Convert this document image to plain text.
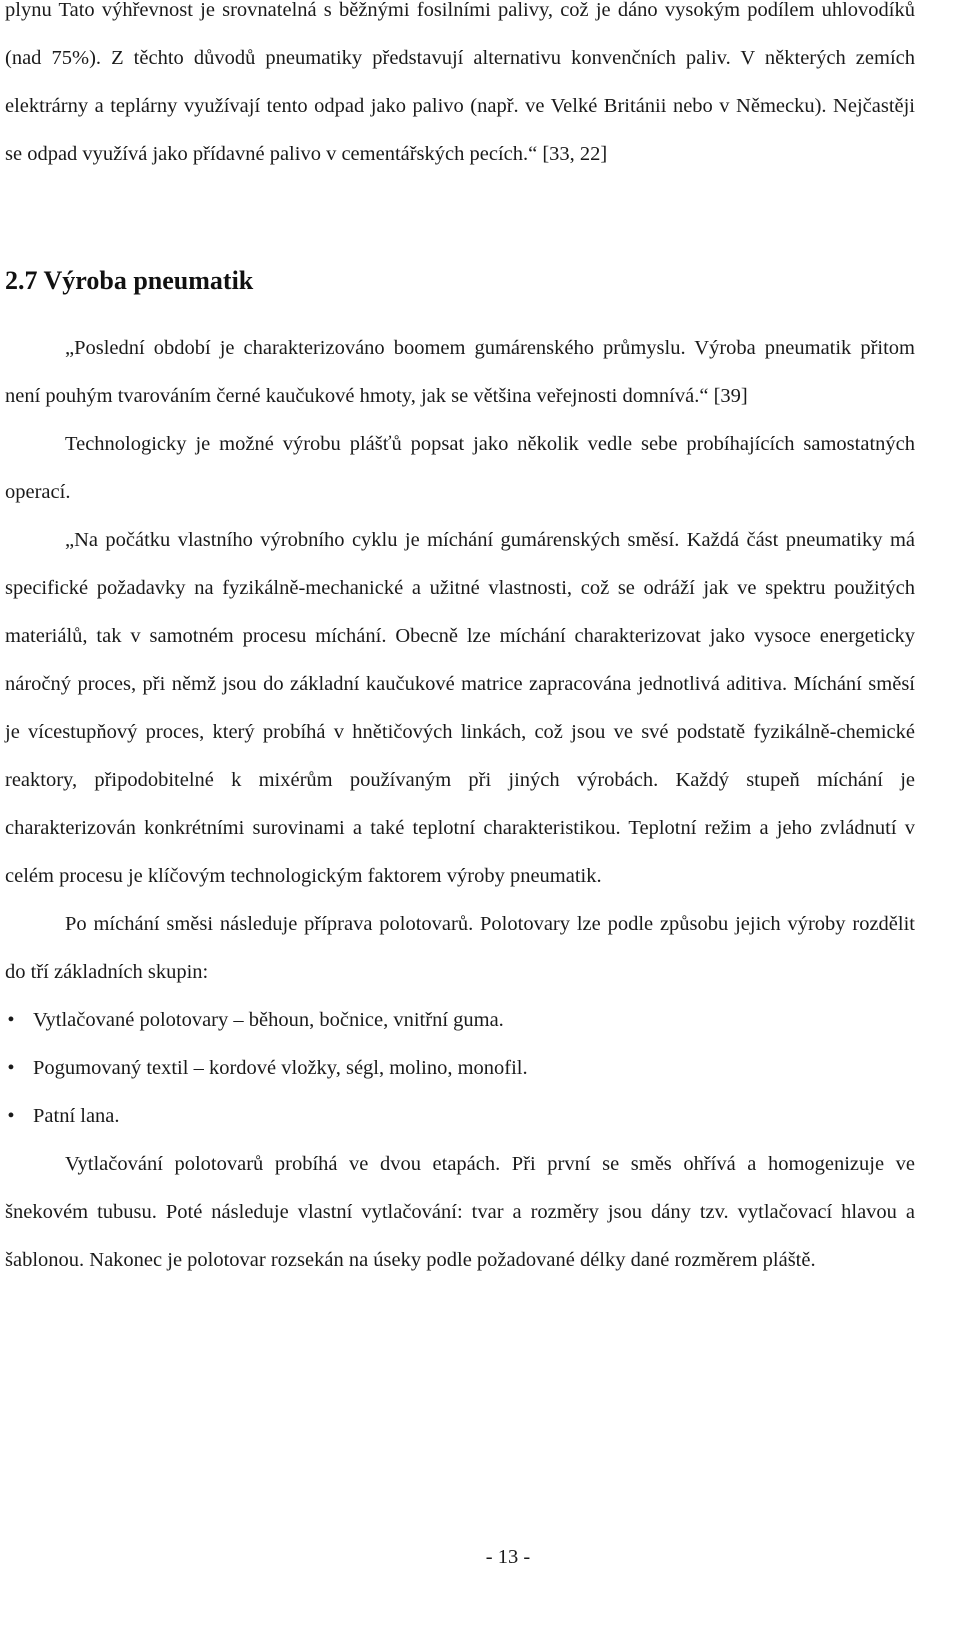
plynu Tato výhřevnost je srovnatelná s běžnými fosilními palivy, což je dáno vysokým podílem uhlovodíků (nad 75%). Z těchto důvodů pneumatiky představují alternativu konvenčních paliv. V některých zemích elektrárny a teplárny využívají tento odpad jako palivo (např. ve Velké Británii nebo v Německu). Nejčastěji se odpad využívá jako přídavné palivo v cementářských pecích.“ [33, 22]

2.7 Výroba pneumatik

„Poslední období je charakterizováno boomem gumárenského průmyslu. Výroba pneumatik přitom není pouhým tvarováním černé kaučukové hmoty, jak se většina veřejnosti domnívá.“ [39]

Technologicky je možné výrobu plášťů popsat jako několik vedle sebe probíhajících samostatných operací.

„Na počátku vlastního výrobního cyklu je míchání gumárenských směsí. Každá část pneumatiky má specifické požadavky na fyzikálně-mechanické a užitné vlastnosti, což se odráží jak ve spektru použitých materiálů, tak v samotném procesu míchání. Obecně lze míchání charakterizovat jako vysoce energeticky náročný proces, při němž jsou do základní kaučukové matrice zapracována jednotlivá aditiva. Míchání směsí je vícestupňový proces, který probíhá v hnětičových linkách, což jsou ve své podstatě fyzikálně-chemické reaktory, připodobitelné k mixérům používaným při jiných výrobách. Každý stupeň míchání je charakterizován konkrétními surovinami a také teplotní charakteristikou. Teplotní režim a jeho zvládnutí v celém procesu je klíčovým technologickým faktorem výroby pneumatik.

Po míchání směsi následuje příprava polotovarů. Polotovary lze podle způsobu jejich výroby rozdělit do tří základních skupin:

• Vytlačované polotovary – běhoun, bočnice, vnitřní guma.
• Pogumovaný textil – kordové vložky, ségl, molino, monofil.
• Patní lana.

Vytlačování polotovarů probíhá ve dvou etapách. Při první se směs ohřívá a homogenizuje ve šnekovém tubusu. Poté následuje vlastní vytlačování: tvar a rozměry jsou dány tzv. vytlačovací hlavou a šablonou. Nakonec je polotovar rozsekán na úseky podle požadované délky dané rozměrem pláště.

- 13 -
